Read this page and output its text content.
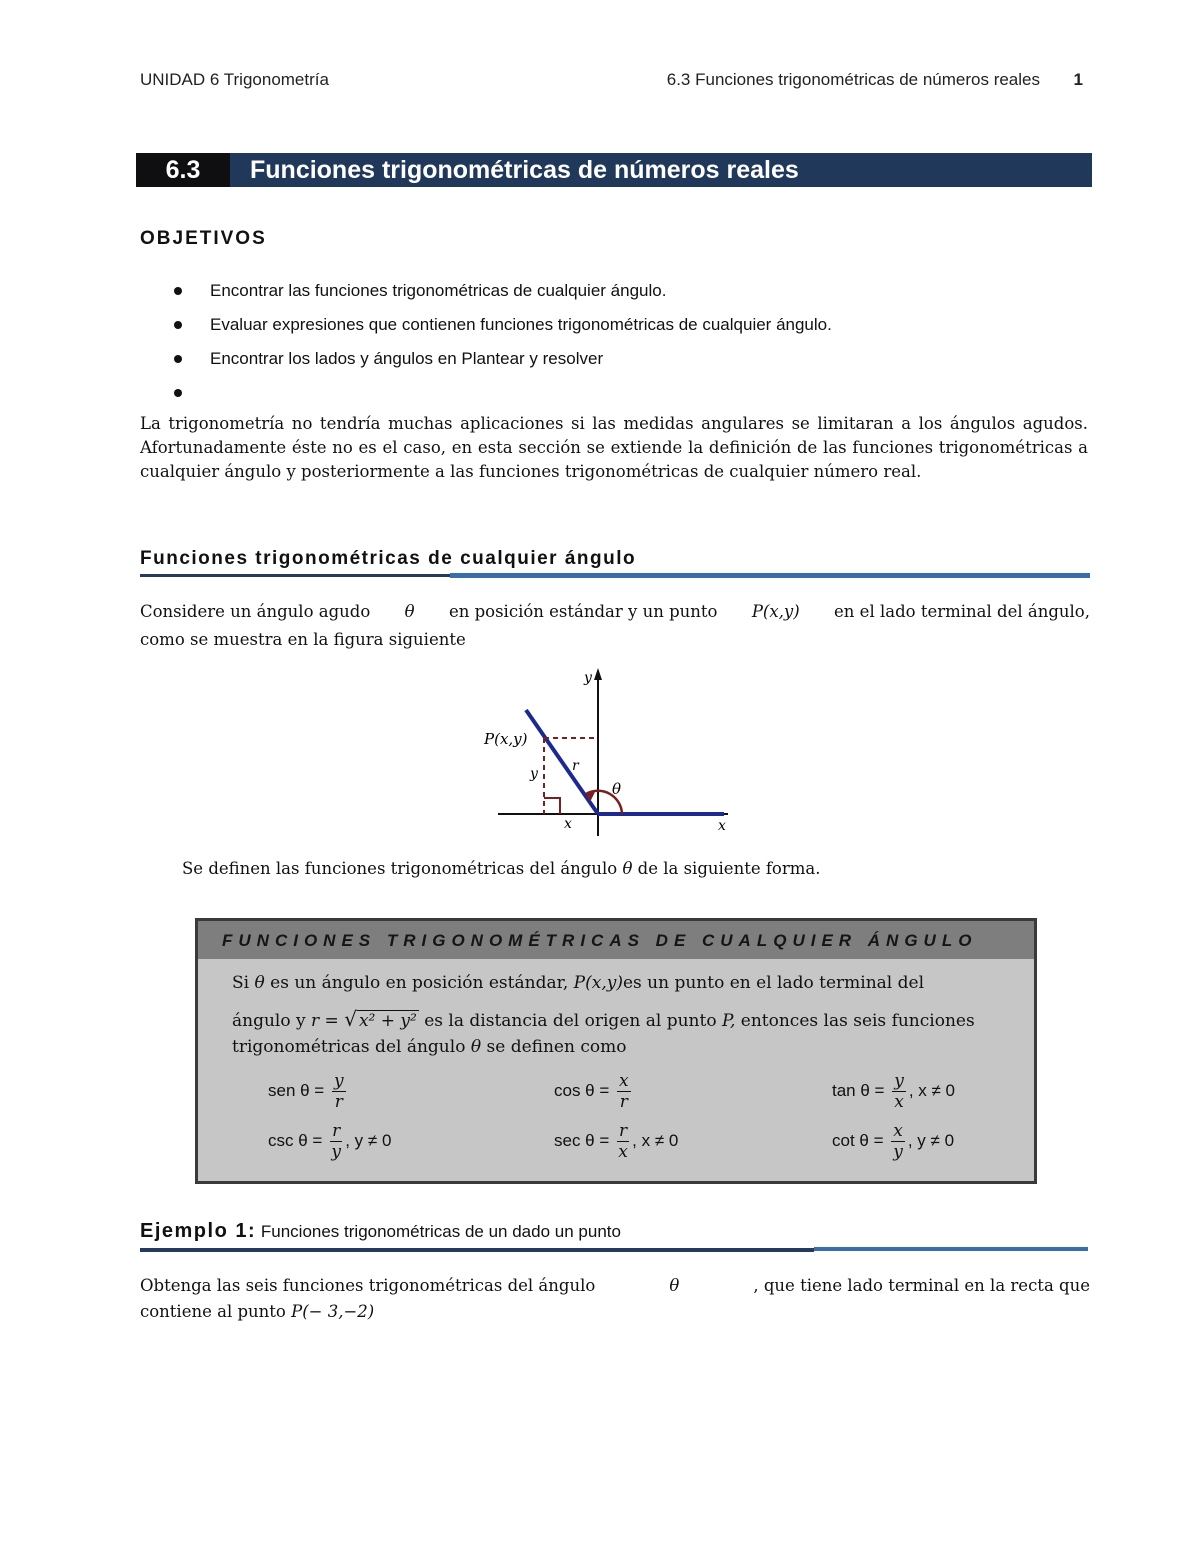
UNIDAD 6 Trigonometría	6.3 Funciones trigonométricas de números reales 1
6.3	Funciones trigonométricas de números reales
OBJETIVOS
Encontrar las funciones trigonométricas de cualquier ángulo.
Evaluar expresiones que contienen funciones trigonométricas de cualquier ángulo.
Encontrar los lados y ángulos en Plantear y resolver
La trigonometría no tendría muchas aplicaciones si las medidas angulares se limitaran a los ángulos agudos. Afortunadamente éste no es el caso, en esta sección se extiende la definición de las funciones trigonométricas a cualquier ángulo y posteriormente a las funciones trigonométricas de cualquier número real.
Funciones trigonométricas de cualquier ángulo
Considere un ángulo agudo θ en posición estándar y un punto P(x,y) en el lado terminal del ángulo,
como se muestra en la figura siguiente
y
x
P(x,y)
y
x
r
θ
Se definen las funciones trigonométricas del ángulo θ de la siguiente forma.
FUNCIONES TRIGONOMÉTRICAS DE CUALQUIER ÁNGULO
Si θ es un ángulo en posición estándar, P(x,y)es un punto en el lado terminal del
ángulo y r = √ x² + y² es la distancia del origen al punto P, entonces las seis funciones
trigonométricas del ángulo θ se definen como
sen $\theta = \frac{y}{r}$	$\cos \theta = \frac{x}{r}$	$\tan \theta = \frac{y}{x}$ , x ≠ 0
$\csc \theta = \frac{r}{y}$ , y ≠ 0	$\sec \theta = \frac{r}{x}$ , x ≠ 0	$\cot \theta = \frac{x}{y}$ , y ≠ 0
Ejemplo 1: Funciones trigonométricas de un dado un punto
Obtenga las seis funciones trigonométricas del ángulo	θ	, que tiene lado terminal en la recta que
contiene al punto P(− 3,−2)
